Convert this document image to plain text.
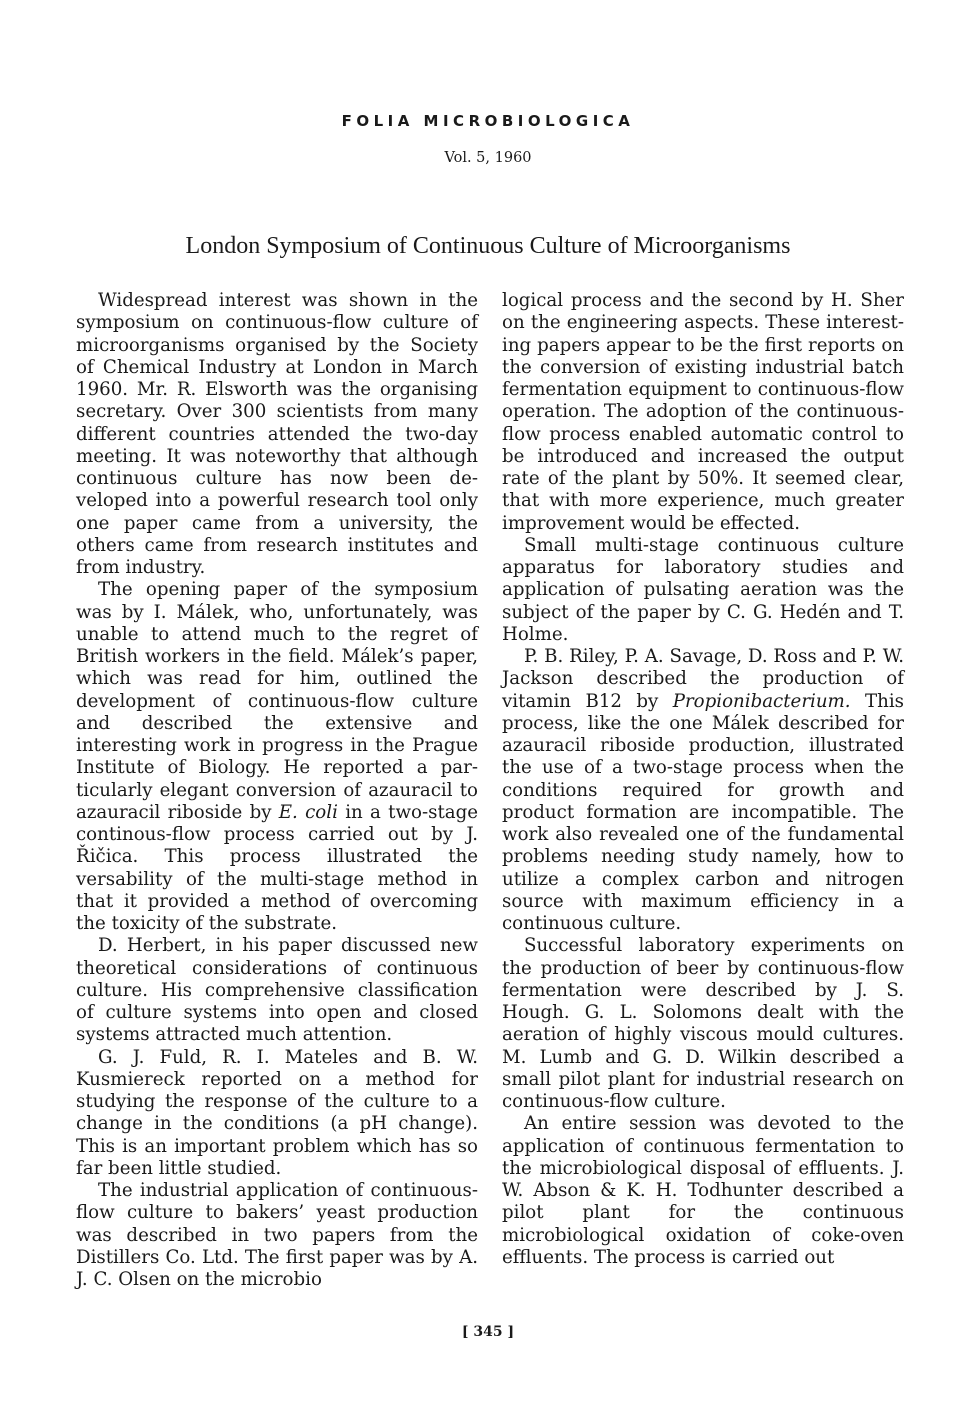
FOLIA MICROBIOLOGICA
Vol. 5, 1960
London Symposium of Continuous Culture of Microorganisms

Widespread interest was shown in the symposium on continuous-flow culture of microorganisms organised by the Society of Chemical Industry at London in March 1960. Mr. R. Elsworth was the organising secretary. Over 300 scientists from many different countries attended the two-day meeting. It was noteworthy that although continuous culture has now been developed into a powerful research tool only one paper came from a university, the others came from research institutes and from industry.

The opening paper of the symposium was by I. Málek, who, unfortunately, was unable to attend much to the regret of British workers in the field. Málek’s paper, which was read for him, outlined the development of continuous-flow culture and described the extensive and interesting work in progress in the Prague Institute of Biology. He reported a particularly elegant conversion of azauracil to azauracil riboside by E. coli in a two-stage continous-flow process carried out by J. Řičica. This process illustrated the versability of the multi-stage method in that it provided a method of overcoming the toxicity of the substrate.

D. Herbert, in his paper discussed new theoretical considerations of continuous culture. His comprehensive classification of culture systems into open and closed systems attracted much attention.

G. J. Fuld, R. I. Mateles and B. W. Kusmiereck reported on a method for studying the response of the culture to a change in the conditions (a pH change). This is an important problem which has so far been little studied.

The industrial application of continuous-flow culture to bakers’ yeast production was described in two papers from the Distillers Co. Ltd. The first paper was by A. J. C. Olsen on the microbio

logical process and the second by H. Sher on the engineering aspects. These interesting papers appear to be the first reports on the conversion of existing industrial batch fermentation equipment to continuous-flow operation. The adoption of the continuous-flow process enabled automatic control to be introduced and increased the output rate of the plant by 50%. It seemed clear, that with more experience, much greater improvement would be effected.

Small multi-stage continuous culture apparatus for laboratory studies and application of pulsating aeration was the subject of the paper by C. G. Hedén and T. Holme.

P. B. Riley, P. A. Savage, D. Ross and P. W. Jackson described the production of vitamin B12 by Propionibacterium. This process, like the one Málek described for azauracil riboside production, illustrated the use of a two-stage process when the conditions required for growth and product formation are incompatible. The work also revealed one of the fundamental problems needing study namely, how to utilize a complex carbon and nitrogen source with maximum efficiency in a continuous culture.

Successful laboratory experiments on the production of beer by continuous-flow fermentation were described by J. S. Hough. G. L. Solomons dealt with the aeration of highly viscous mould cultures. M. Lumb and G. D. Wilkin described a small pilot plant for industrial research on continuous-flow culture.

An entire session was devoted to the application of continuous fermentation to the microbiological disposal of effluents. J. W. Abson & K. H. Todhunter described a pilot plant for the continuous microbiological oxidation of coke-oven effluents. The process is carried out

[ 345 ]
